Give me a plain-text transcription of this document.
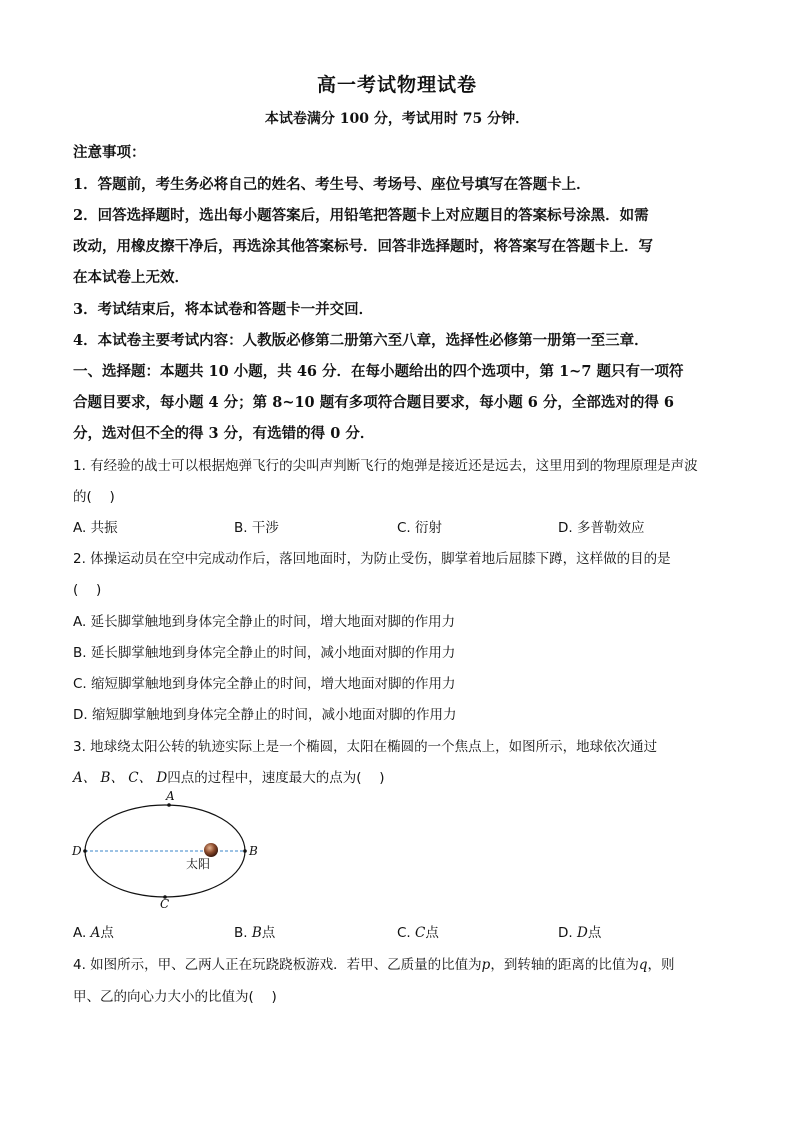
高一考试物理试卷
本试卷满分 100 分，考试用时 75 分钟．
注意事项：
1．答题前，考生务必将自己的姓名、考生号、考场号、座位号填写在答题卡上．
2．回答选择题时，选出每小题答案后，用铅笔把答题卡上对应题目的答案标号涂黑．如需
改动，用橡皮擦干净后，再选涂其他答案标号．回答非选择题时，将答案写在答题卡上．写
在本试卷上无效．
3．考试结束后，将本试卷和答题卡一并交回．
4．本试卷主要考试内容：人教版必修第二册第六至八章，选择性必修第一册第一至三章．
一、选择题：本题共 10 小题，共 46 分．在每小题给出的四个选项中，第 1~7 题只有一项符
合题目要求，每小题 4 分；第 8~10 题有多项符合题目要求，每小题 6 分，全部选对的得 6
分，选对但不全的得 3 分，有选错的得 0 分．
1. 有经验的战士可以根据炮弹飞行的尖叫声判断飞行的炮弹是接近还是远去，这里用到的物理原理是声波
的(　 )
A. 共振	B. 干涉	C. 衍射	D. 多普勒效应
2. 体操运动员在空中完成动作后，落回地面时，为防止受伤，脚掌着地后屈膝下蹲，这样做的目的是
(　 )
A. 延长脚掌触地到身体完全静止的时间，增大地面对脚的作用力
B. 延长脚掌触地到身体完全静止的时间，减小地面对脚的作用力
C. 缩短脚掌触地到身体完全静止的时间，增大地面对脚的作用力
D. 缩短脚掌触地到身体完全静止的时间，减小地面对脚的作用力
3. 地球绕太阳公转的轨迹实际上是一个椭圆，太阳在椭圆的一个焦点上，如图所示，地球依次通过
A、 B、 C、 D四点的过程中，速度最大的点为(　 )
A
B
C
D
太阳
A. A点	B. B点	C. C点	D. D点
4. 如图所示，甲、乙两人正在玩跷跷板游戏．若甲、乙质量的比值为p，到转轴的距离的比值为q，则
甲、乙的向心力大小的比值为(　 )
